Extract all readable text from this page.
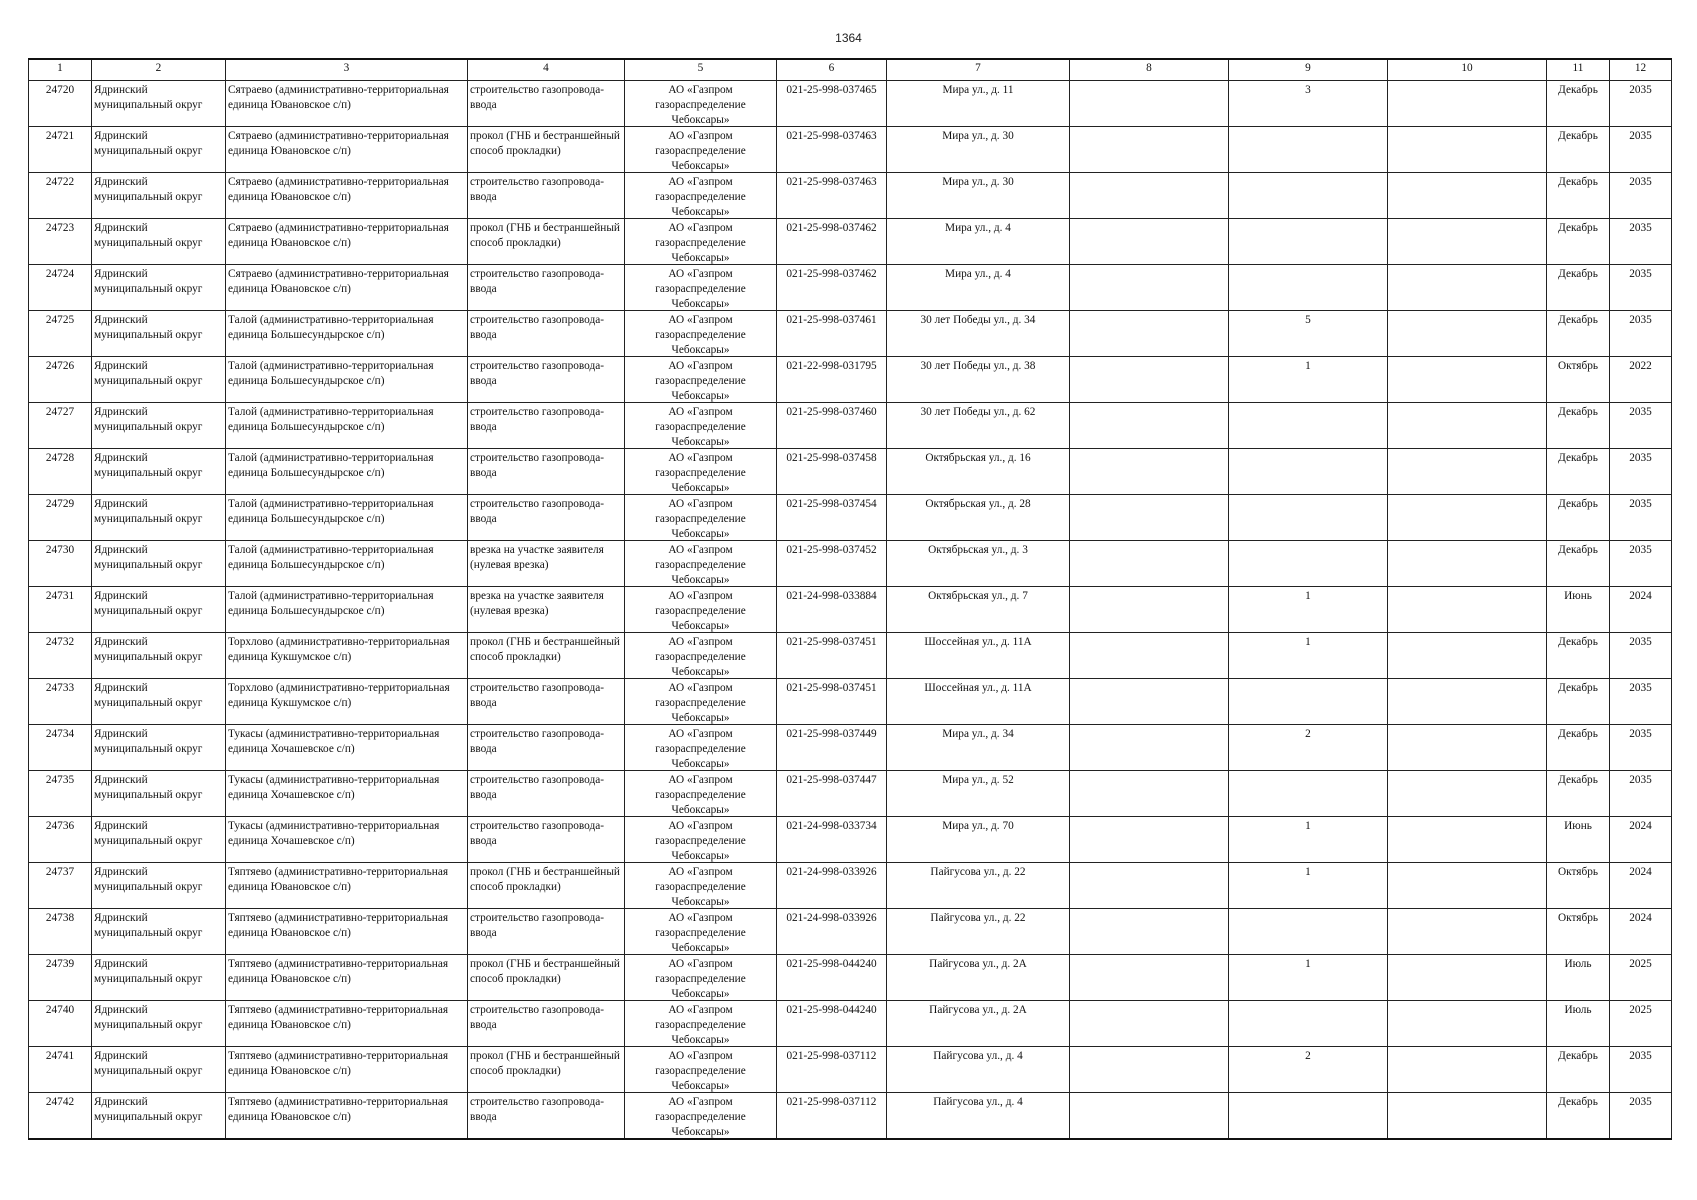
1364
1	2	3	4	5	6	7	8	9	10	11	12

24720	Ядринский муниципальный округ	Сятраево (административно-территориальная единица Ювановское с/п)	строительство газопровода-ввода	АО «Газпром газораспределение Чебоксары»	021-25-998-037465	Мира ул., д. 11		3		Декабрь	2035

24721	Ядринский муниципальный округ	Сятраево (административно-территориальная единица Ювановское с/п)	прокол (ГНБ и бестраншейный способ прокладки)	АО «Газпром газораспределение Чебоксары»	021-25-998-037463	Мира ул., д. 30				Декабрь	2035

24722	Ядринский муниципальный округ	Сятраево (административно-территориальная единица Ювановское с/п)	строительство газопровода-ввода	АО «Газпром газораспределение Чебоксары»	021-25-998-037463	Мира ул., д. 30				Декабрь	2035

24723	Ядринский муниципальный округ	Сятраево (административно-территориальная единица Ювановское с/п)	прокол (ГНБ и бестраншейный способ прокладки)	АО «Газпром газораспределение Чебоксары»	021-25-998-037462	Мира ул., д. 4				Декабрь	2035

24724	Ядринский муниципальный округ	Сятраево (административно-территориальная единица Ювановское с/п)	строительство газопровода-ввода	АО «Газпром газораспределение Чебоксары»	021-25-998-037462	Мира ул., д. 4				Декабрь	2035

24725	Ядринский муниципальный округ	Талой (административно-территориальная единица Большесундырское с/п)	строительство газопровода-ввода	АО «Газпром газораспределение Чебоксары»	021-25-998-037461	30 лет Победы ул., д. 34		5		Декабрь	2035

24726	Ядринский муниципальный округ	Талой (административно-территориальная единица Большесундырское с/п)	строительство газопровода-ввода	АО «Газпром газораспределение Чебоксары»	021-22-998-031795	30 лет Победы ул., д. 38		1		Октябрь	2022

24727	Ядринский муниципальный округ	Талой (административно-территориальная единица Большесундырское с/п)	строительство газопровода-ввода	АО «Газпром газораспределение Чебоксары»	021-25-998-037460	30 лет Победы ул., д. 62				Декабрь	2035

24728	Ядринский муниципальный округ	Талой (административно-территориальная единица Большесундырское с/п)	строительство газопровода-ввода	АО «Газпром газораспределение Чебоксары»	021-25-998-037458	Октябрьская ул., д. 16				Декабрь	2035

24729	Ядринский муниципальный округ	Талой (административно-территориальная единица Большесундырское с/п)	строительство газопровода-ввода	АО «Газпром газораспределение Чебоксары»	021-25-998-037454	Октябрьская ул., д. 28				Декабрь	2035

24730	Ядринский муниципальный округ	Талой (административно-территориальная единица Большесундырское с/п)	врезка на участке заявителя (нулевая врезка)	АО «Газпром газораспределение Чебоксары»	021-25-998-037452	Октябрьская ул., д. 3				Декабрь	2035

24731	Ядринский муниципальный округ	Талой (административно-территориальная единица Большесундырское с/п)	врезка на участке заявителя (нулевая врезка)	АО «Газпром газораспределение Чебоксары»	021-24-998-033884	Октябрьская ул., д. 7		1		Июнь	2024

24732	Ядринский муниципальный округ	Торхлово (административно-территориальная единица Кукшумское с/п)	прокол (ГНБ и бестраншейный способ прокладки)	АО «Газпром газораспределение Чебоксары»	021-25-998-037451	Шоссейная ул., д. 11А		1		Декабрь	2035

24733	Ядринский муниципальный округ	Торхлово (административно-территориальная единица Кукшумское с/п)	строительство газопровода-ввода	АО «Газпром газораспределение Чебоксары»	021-25-998-037451	Шоссейная ул., д. 11А				Декабрь	2035

24734	Ядринский муниципальный округ	Тукасы (административно-территориальная единица Хочашевское с/п)	строительство газопровода-ввода	АО «Газпром газораспределение Чебоксары»	021-25-998-037449	Мира ул., д. 34		2		Декабрь	2035

24735	Ядринский муниципальный округ	Тукасы (административно-территориальная единица Хочашевское с/п)	строительство газопровода-ввода	АО «Газпром газораспределение Чебоксары»	021-25-998-037447	Мира ул., д. 52				Декабрь	2035

24736	Ядринский муниципальный округ	Тукасы (административно-территориальная единица Хочашевское с/п)	строительство газопровода-ввода	АО «Газпром газораспределение Чебоксары»	021-24-998-033734	Мира ул., д. 70		1		Июнь	2024

24737	Ядринский муниципальный округ	Тяптяево (административно-территориальная единица Ювановское с/п)	прокол (ГНБ и бестраншейный способ прокладки)	АО «Газпром газораспределение Чебоксары»	021-24-998-033926	Пайгусова ул., д. 22		1		Октябрь	2024

24738	Ядринский муниципальный округ	Тяптяево (административно-территориальная единица Ювановское с/п)	строительство газопровода-ввода	АО «Газпром газораспределение Чебоксары»	021-24-998-033926	Пайгусова ул., д. 22				Октябрь	2024

24739	Ядринский муниципальный округ	Тяптяево (административно-территориальная единица Ювановское с/п)	прокол (ГНБ и бестраншейный способ прокладки)	АО «Газпром газораспределение Чебоксары»	021-25-998-044240	Пайгусова ул., д. 2А		1		Июль	2025

24740	Ядринский муниципальный округ	Тяптяево (административно-территориальная единица Ювановское с/п)	строительство газопровода-ввода	АО «Газпром газораспределение Чебоксары»	021-25-998-044240	Пайгусова ул., д. 2А				Июль	2025

24741	Ядринский муниципальный округ	Тяптяево (административно-территориальная единица Ювановское с/п)	прокол (ГНБ и бестраншейный способ прокладки)	АО «Газпром газораспределение Чебоксары»	021-25-998-037112	Пайгусова ул., д. 4		2		Декабрь	2035

24742	Ядринский муниципальный округ	Тяптяево (административно-территориальная единица Ювановское с/п)	строительство газопровода-ввода	АО «Газпром газораспределение Чебоксары»	021-25-998-037112	Пайгусова ул., д. 4				Декабрь	2035
